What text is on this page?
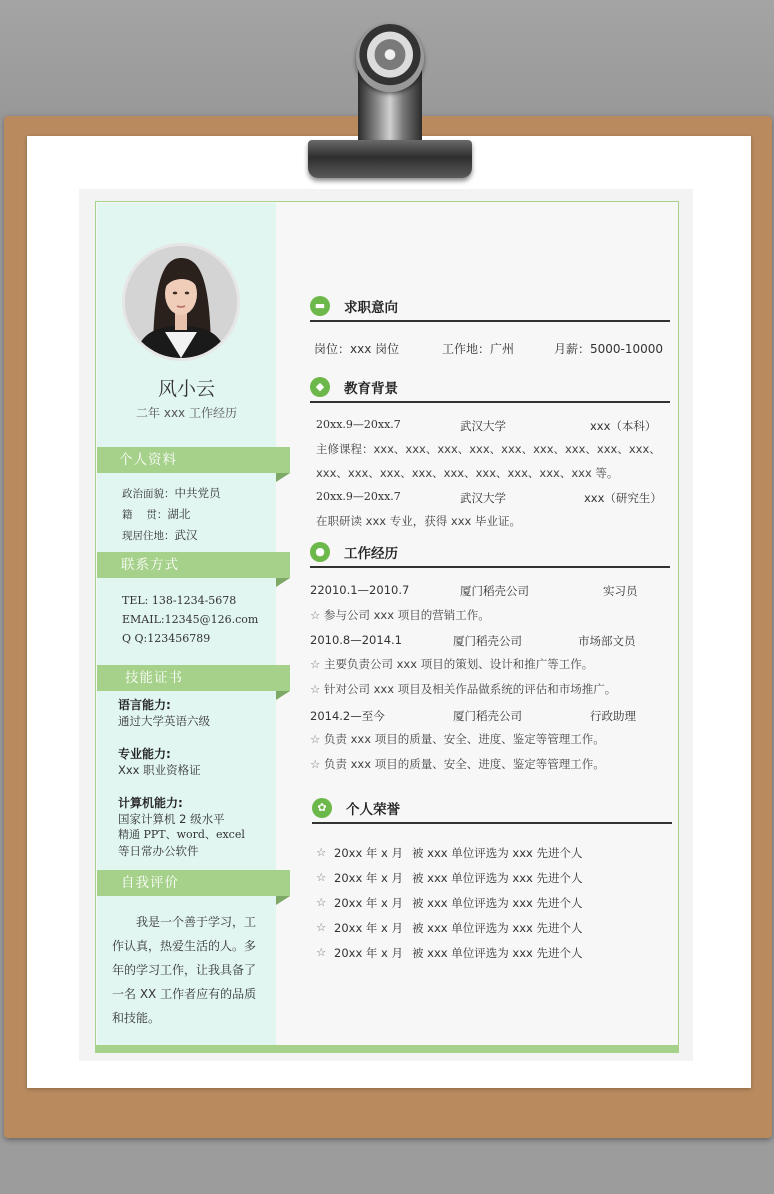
风小云
二年 xxx 工作经历
个人资料
政治面貌：中共党员
籍　 贯：湖北
现居住地：武汉
联系方式
TEL: 138-1234-5678
EMAIL:12345@126.com
Q Q:123456789
技能证书
语言能力:
通过大学英语六级
专业能力:
Xxx 职业资格证
计算机能力:
国家计算机 2 级水平
精通 PPT、word、excel
等日常办公软件
自我评价
我是一个善于学习，工作认真，热爱生活的人。多年的学习工作，让我具备了一名 XX 工作者应有的品质和技能。
▬	求职意向
岗位：xxx 岗位	工作地：广州	月薪：5000-10000
◆	教育背景
20xx.9—20xx.7	武汉大学	xxx（本科）
主修课程：xxx、xxx、xxx、xxx、xxx、xxx、xxx、xxx、xxx、
xxx、xxx、xxx、xxx、xxx、xxx、xxx、xxx、xxx 等。
20xx.9—20xx.7	武汉大学	xxx（研究生）
在职研读 xxx 专业，获得 xxx 毕业证。
●	工作经历
22010.1—2010.7	厦门稻壳公司	实习员
☆ 参与公司 xxx 项目的营销工作。
2010.8—2014.1	厦门稻壳公司	市场部文员
☆ 主要负责公司 xxx 项目的策划、设计和推广等工作。
☆ 针对公司 xxx 项目及相关作品做系统的评估和市场推广。
2014.2—至今	厦门稻壳公司	行政助理
☆ 负责 xxx 项目的质量、安全、进度、鉴定等管理工作。
☆ 负责 xxx 项目的质量、安全、进度、鉴定等管理工作。
✿	个人荣誉
☆ 20xx 年 x 月 被 xxx 单位评选为 xxx 先进个人
☆ 20xx 年 x 月 被 xxx 单位评选为 xxx 先进个人
☆ 20xx 年 x 月 被 xxx 单位评选为 xxx 先进个人
☆ 20xx 年 x 月 被 xxx 单位评选为 xxx 先进个人
☆ 20xx 年 x 月 被 xxx 单位评选为 xxx 先进个人
